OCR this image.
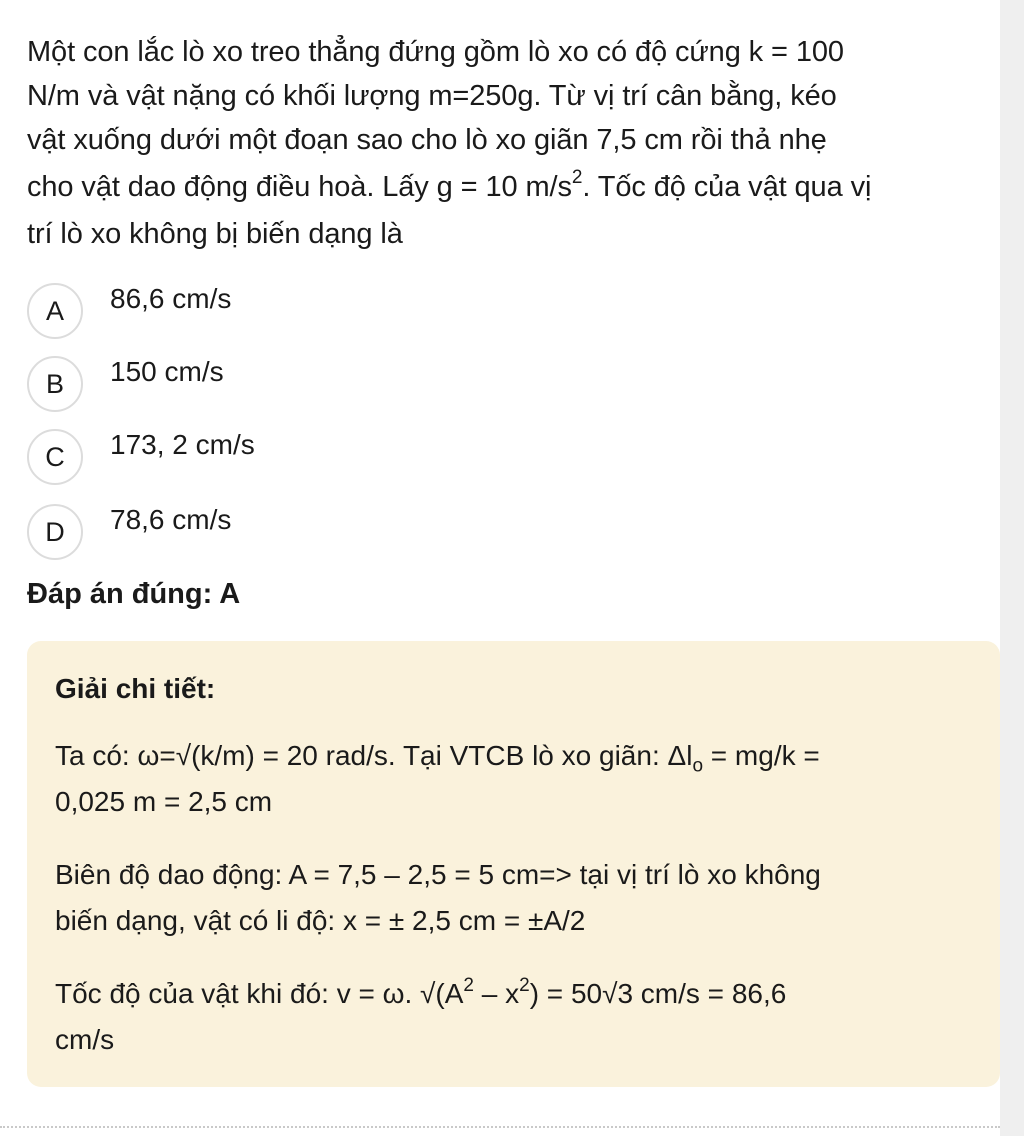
Một con lắc lò xo treo thẳng đứng gồm lò xo có độ cứng k = 100

N/m và vật nặng có khối lượng m=250g. Từ vị trí cân bằng, kéo

vật xuống dưới một đoạn sao cho lò xo giãn 7,5 cm rồi thả nhẹ

cho vật dao động điều hoà. Lấy g = 10 $m/s^2$. Tốc độ của vật qua vị

trí lò xo không bị biến dạng là

A	86,6 cm/s
B	150 cm/s
C	173, 2 cm/s
D	78,6 cm/s
Đáp án đúng: A
Giải chi tiết:

Ta có: ω=√(k/m) = 20 rad/s. Tại VTCB lò xo giãn: $\Delta l_o = mg/k$ =
0,025 m = 2,5 cm

Biên độ dao động: A = 7,5 – 2,5 = 5 cm=> tại vị trí lò xo không
biến dạng, vật có li độ: x = ± 2,5 cm = ±A/2

Tốc độ của vật khi đó: v = ω. $√(A^2 - x^2) = 50√3$ cm/s = 86,6
cm/s
